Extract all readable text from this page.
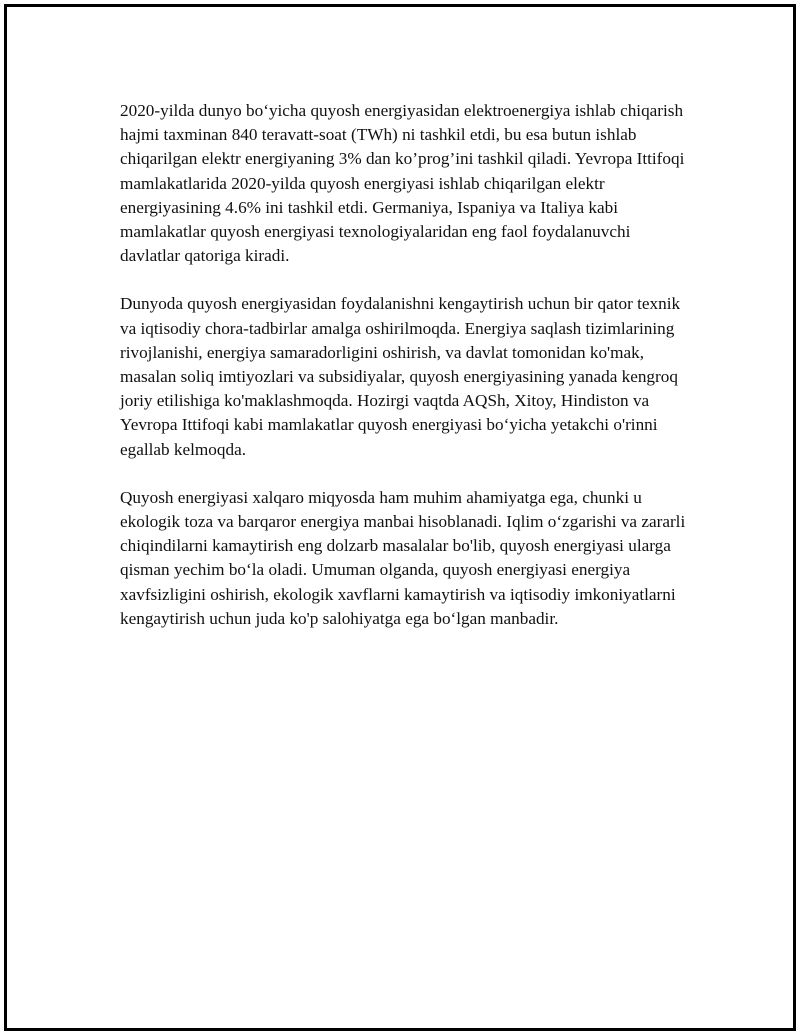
2020-yilda dunyo bo‘yicha quyosh energiyasidan elektroenergiya ishlab chiqarish hajmi taxminan 840 teravatt-soat (TWh) ni tashkil etdi, bu esa butun ishlab chiqarilgan elektr energiyaning 3% dan ko’prog’ini tashkil qiladi. Yevropa Ittifoqi mamlakatlarida 2020-yilda quyosh energiyasi ishlab chiqarilgan elektr energiyasining 4.6% ini tashkil etdi. Germaniya, Ispaniya va Italiya kabi mamlakatlar quyosh energiyasi texnologiyalaridan eng faol foydalanuvchi davlatlar qatoriga kiradi.

Dunyoda quyosh energiyasidan foydalanishni kengaytirish uchun bir qator texnik va iqtisodiy chora-tadbirlar amalga oshirilmoqda. Energiya saqlash tizimlarining rivojlanishi, energiya samaradorligini oshirish, va davlat tomonidan ko'mak, masalan soliq imtiyozlari va subsidiyalar, quyosh energiyasining yanada kengroq joriy etilishiga ko'maklashmoqda. Hozirgi vaqtda AQSh, Xitoy, Hindiston va Yevropa Ittifoqi kabi mamlakatlar quyosh energiyasi bo‘yicha yetakchi o'rinni egallab kelmoqda.

Quyosh energiyasi xalqaro miqyosda ham muhim ahamiyatga ega, chunki u ekologik toza va barqaror energiya manbai hisoblanadi. Iqlim o‘zgarishi va zararli chiqindilarni kamaytirish eng dolzarb masalalar bo'lib, quyosh energiyasi ularga qisman yechim bo‘la oladi. Umuman olganda, quyosh energiyasi energiya xavfsizligini oshirish, ekologik xavflarni kamaytirish va iqtisodiy imkoniyatlarni kengaytirish uchun juda ko'p salohiyatga ega bo‘lgan manbadir.
